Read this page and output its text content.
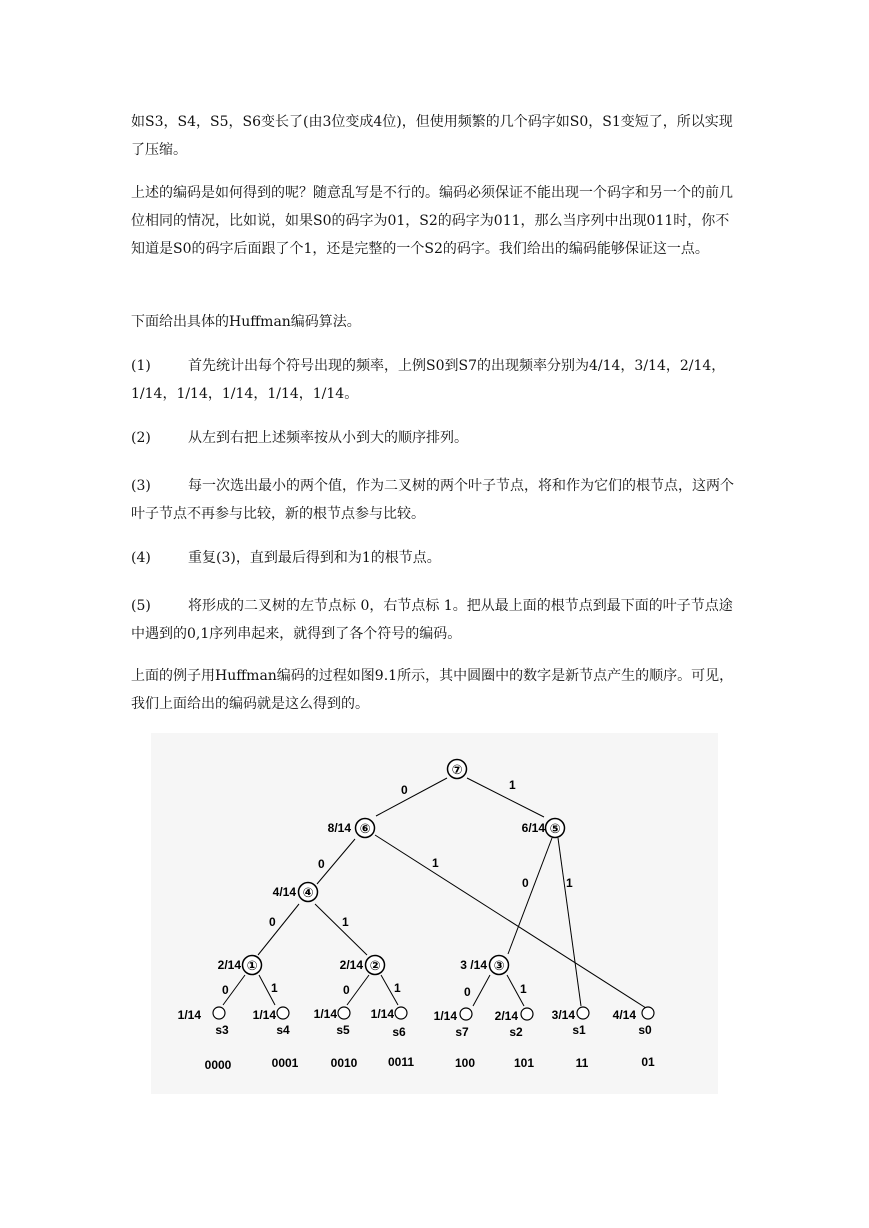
如S3，S4，S5，S6变长了(由3位变成4位)，但使用频繁的几个码字如S0，S1变短了，所以实现了压缩。

上述的编码是如何得到的呢？随意乱写是不行的。编码必须保证不能出现一个码字和另一个的前几位相同的情况，比如说，如果S0的码字为01，S2的码字为011，那么当序列中出现011时，你不知道是S0的码字后面跟了个1，还是完整的一个S2的码字。我们给出的编码能够保证这一点。

下面给出具体的Huffman编码算法。

(1)	首先统计出每个符号出现的频率，上例S0到S7的出现频率分别为4/14，3/14，2/14，1/14，1/14，1/14，1/14，1/14。

(2)	从左到右把上述频率按从小到大的顺序排列。

(3)	每一次选出最小的两个值，作为二叉树的两个叶子节点，将和作为它们的根节点，这两个叶子节点不再参与比较，新的根节点参与比较。

(4)	重复(3)，直到最后得到和为1的根节点。

(5)	将形成的二叉树的左节点标 0，右节点标 1。把从最上面的根节点到最下面的叶子节点途中遇到的0,1序列串起来，就得到了各个符号的编码。

上面的例子用Huffman编码的过程如图9.1所示，其中圆圈中的数字是新节点产生的顺序。可见，我们上面给出的编码就是这么得到的。

⑦
⑥
8/14	⑤
6/14
④
4/14
①
2/14	②
2/14	③
3 /14
0	1
0	1
0	1
0	1
0	1	0	1	0	1
1/14
s3
0000
1/14
s4
0001
1/14
s5
0010
1/14
s6
0011
1/14
s7
100
2/14
s2
101
3/14
s1
11
4/14
s0
01
